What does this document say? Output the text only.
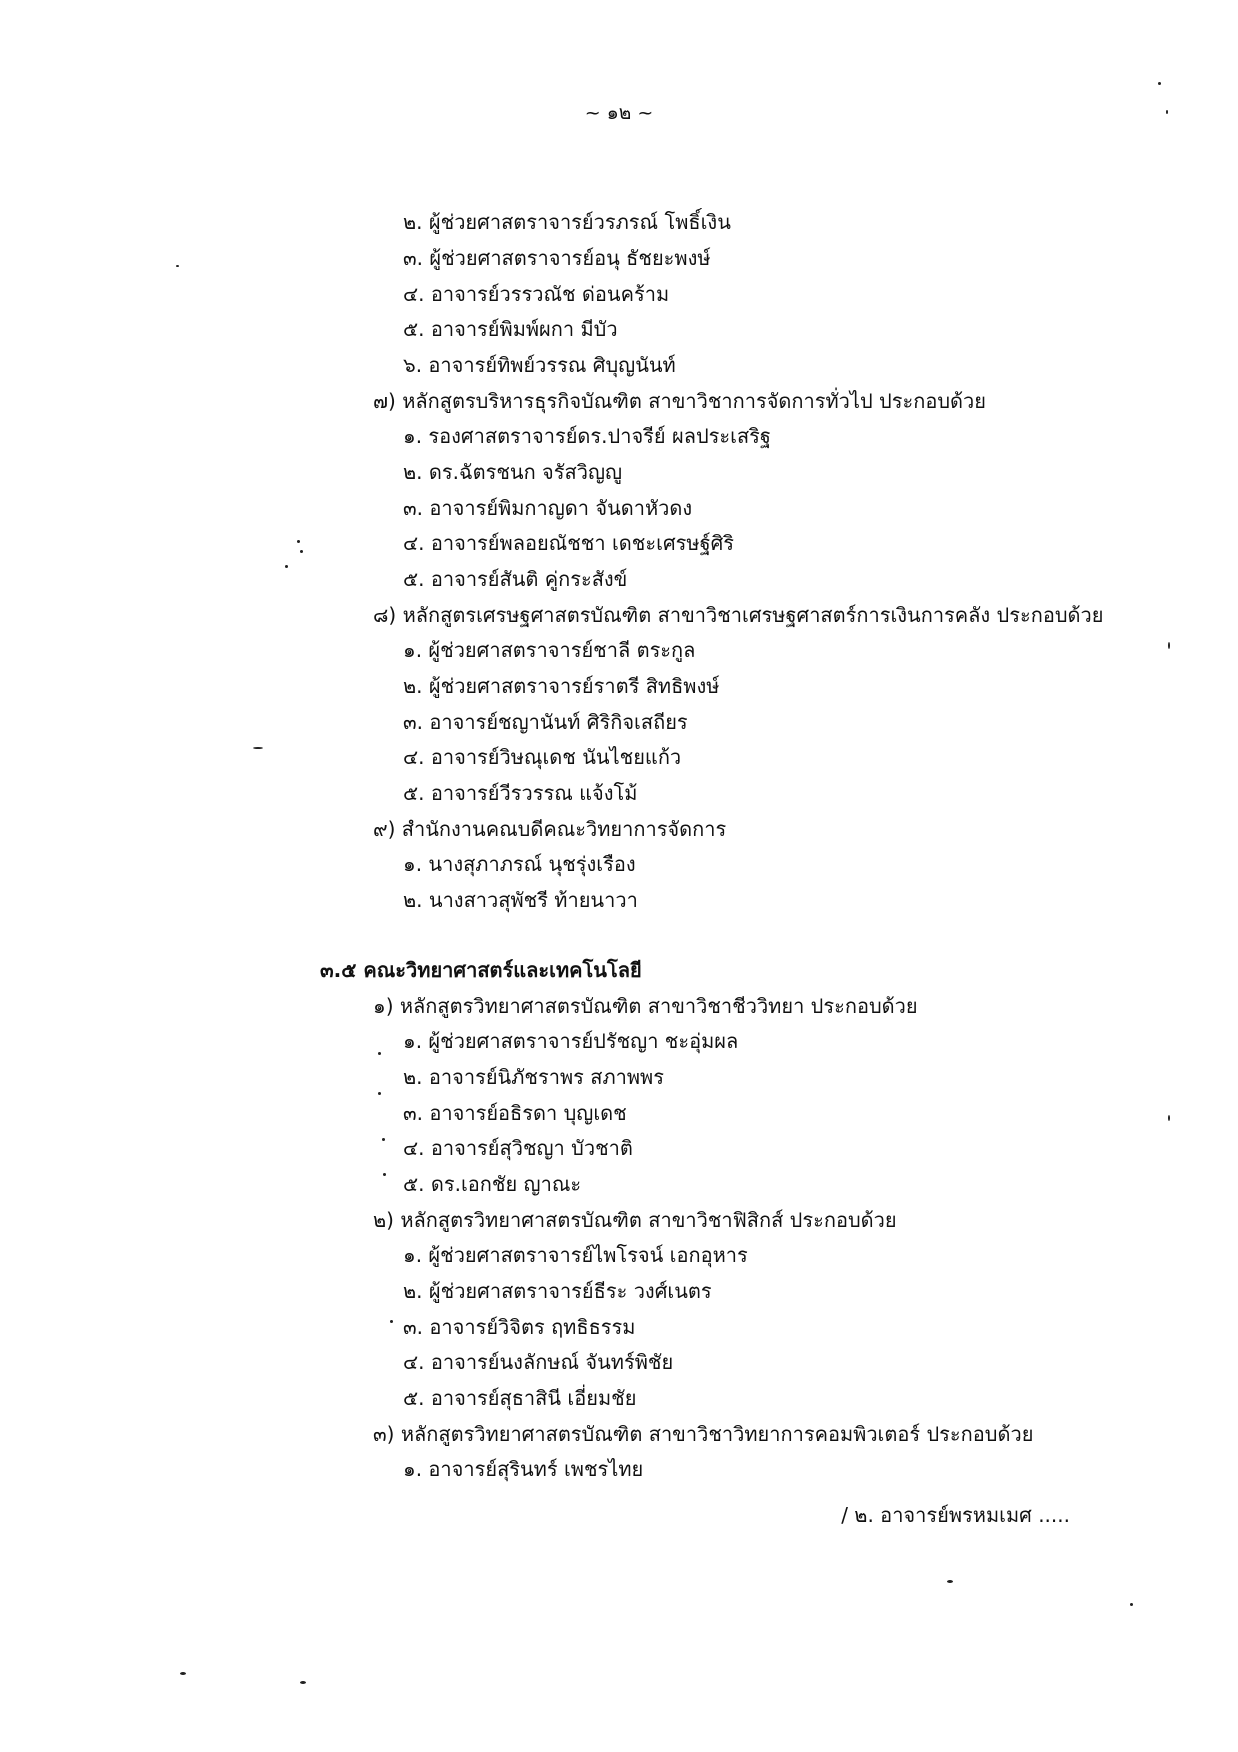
~ ๑๒ ~
๒. ผู้ช่วยศาสตราจารย์วรภรณ์ โพธิ์เงิน
๓. ผู้ช่วยศาสตราจารย์อนุ ธัชยะพงษ์
๔. อาจารย์วรรวณัช ด่อนคร้าม
๕. อาจารย์พิมพ์ผกา มีบัว
๖. อาจารย์ทิพย์วรรณ ศิบุญนันท์
๗) หลักสูตรบริหารธุรกิจบัณฑิต สาขาวิชาการจัดการทั่วไป ประกอบด้วย
๑. รองศาสตราจารย์ดร.ปาจรีย์ ผลประเสริฐ
๒. ดร.ฉัตรชนก จรัสวิญญู
๓. อาจารย์พิมกาญดา จันดาหัวดง
๔. อาจารย์พลอยณัชชา เดชะเศรษฐ์ศิริ
๕. อาจารย์สันติ คู่กระสังข์
๘) หลักสูตรเศรษฐศาสตรบัณฑิต สาขาวิชาเศรษฐศาสตร์การเงินการคลัง ประกอบด้วย
๑. ผู้ช่วยศาสตราจารย์ชาลี ตระกูล
๒. ผู้ช่วยศาสตราจารย์ราตรี สิทธิพงษ์
๓. อาจารย์ชญานันท์ ศิริกิจเสถียร
๔. อาจารย์วิษณุเดช นันไชยแก้ว
๕. อาจารย์วีรวรรณ แจ้งโม้
๙) สำนักงานคณบดีคณะวิทยาการจัดการ
๑. นางสุภาภรณ์ นุชรุ่งเรือง
๒. นางสาวสุพัชรี ท้ายนาวา
๓.๕ คณะวิทยาศาสตร์และเทคโนโลยี
๑) หลักสูตรวิทยาศาสตรบัณฑิต สาขาวิชาชีววิทยา ประกอบด้วย
๑. ผู้ช่วยศาสตราจารย์ปรัชญา ชะอุ่มผล
๒. อาจารย์นิภัชราพร สภาพพร
๓. อาจารย์อธิรดา บุญเดช
๔. อาจารย์สุวิชญา บัวชาติ
๕. ดร.เอกชัย ญาณะ
๒) หลักสูตรวิทยาศาสตรบัณฑิต สาขาวิชาฟิสิกส์ ประกอบด้วย
๑. ผู้ช่วยศาสตราจารย์ไพโรจน์ เอกอุหาร
๒. ผู้ช่วยศาสตราจารย์ธีระ วงศ์เนตร
๓. อาจารย์วิจิตร ฤทธิธรรม
๔. อาจารย์นงลักษณ์ จันทร์พิชัย
๕. อาจารย์สุธาสินี เอี่ยมชัย
๓) หลักสูตรวิทยาศาสตรบัณฑิต สาขาวิชาวิทยาการคอมพิวเตอร์ ประกอบด้วย
๑. อาจารย์สุรินทร์ เพชรไทย
/ ๒. อาจารย์พรหมเมศ .....
